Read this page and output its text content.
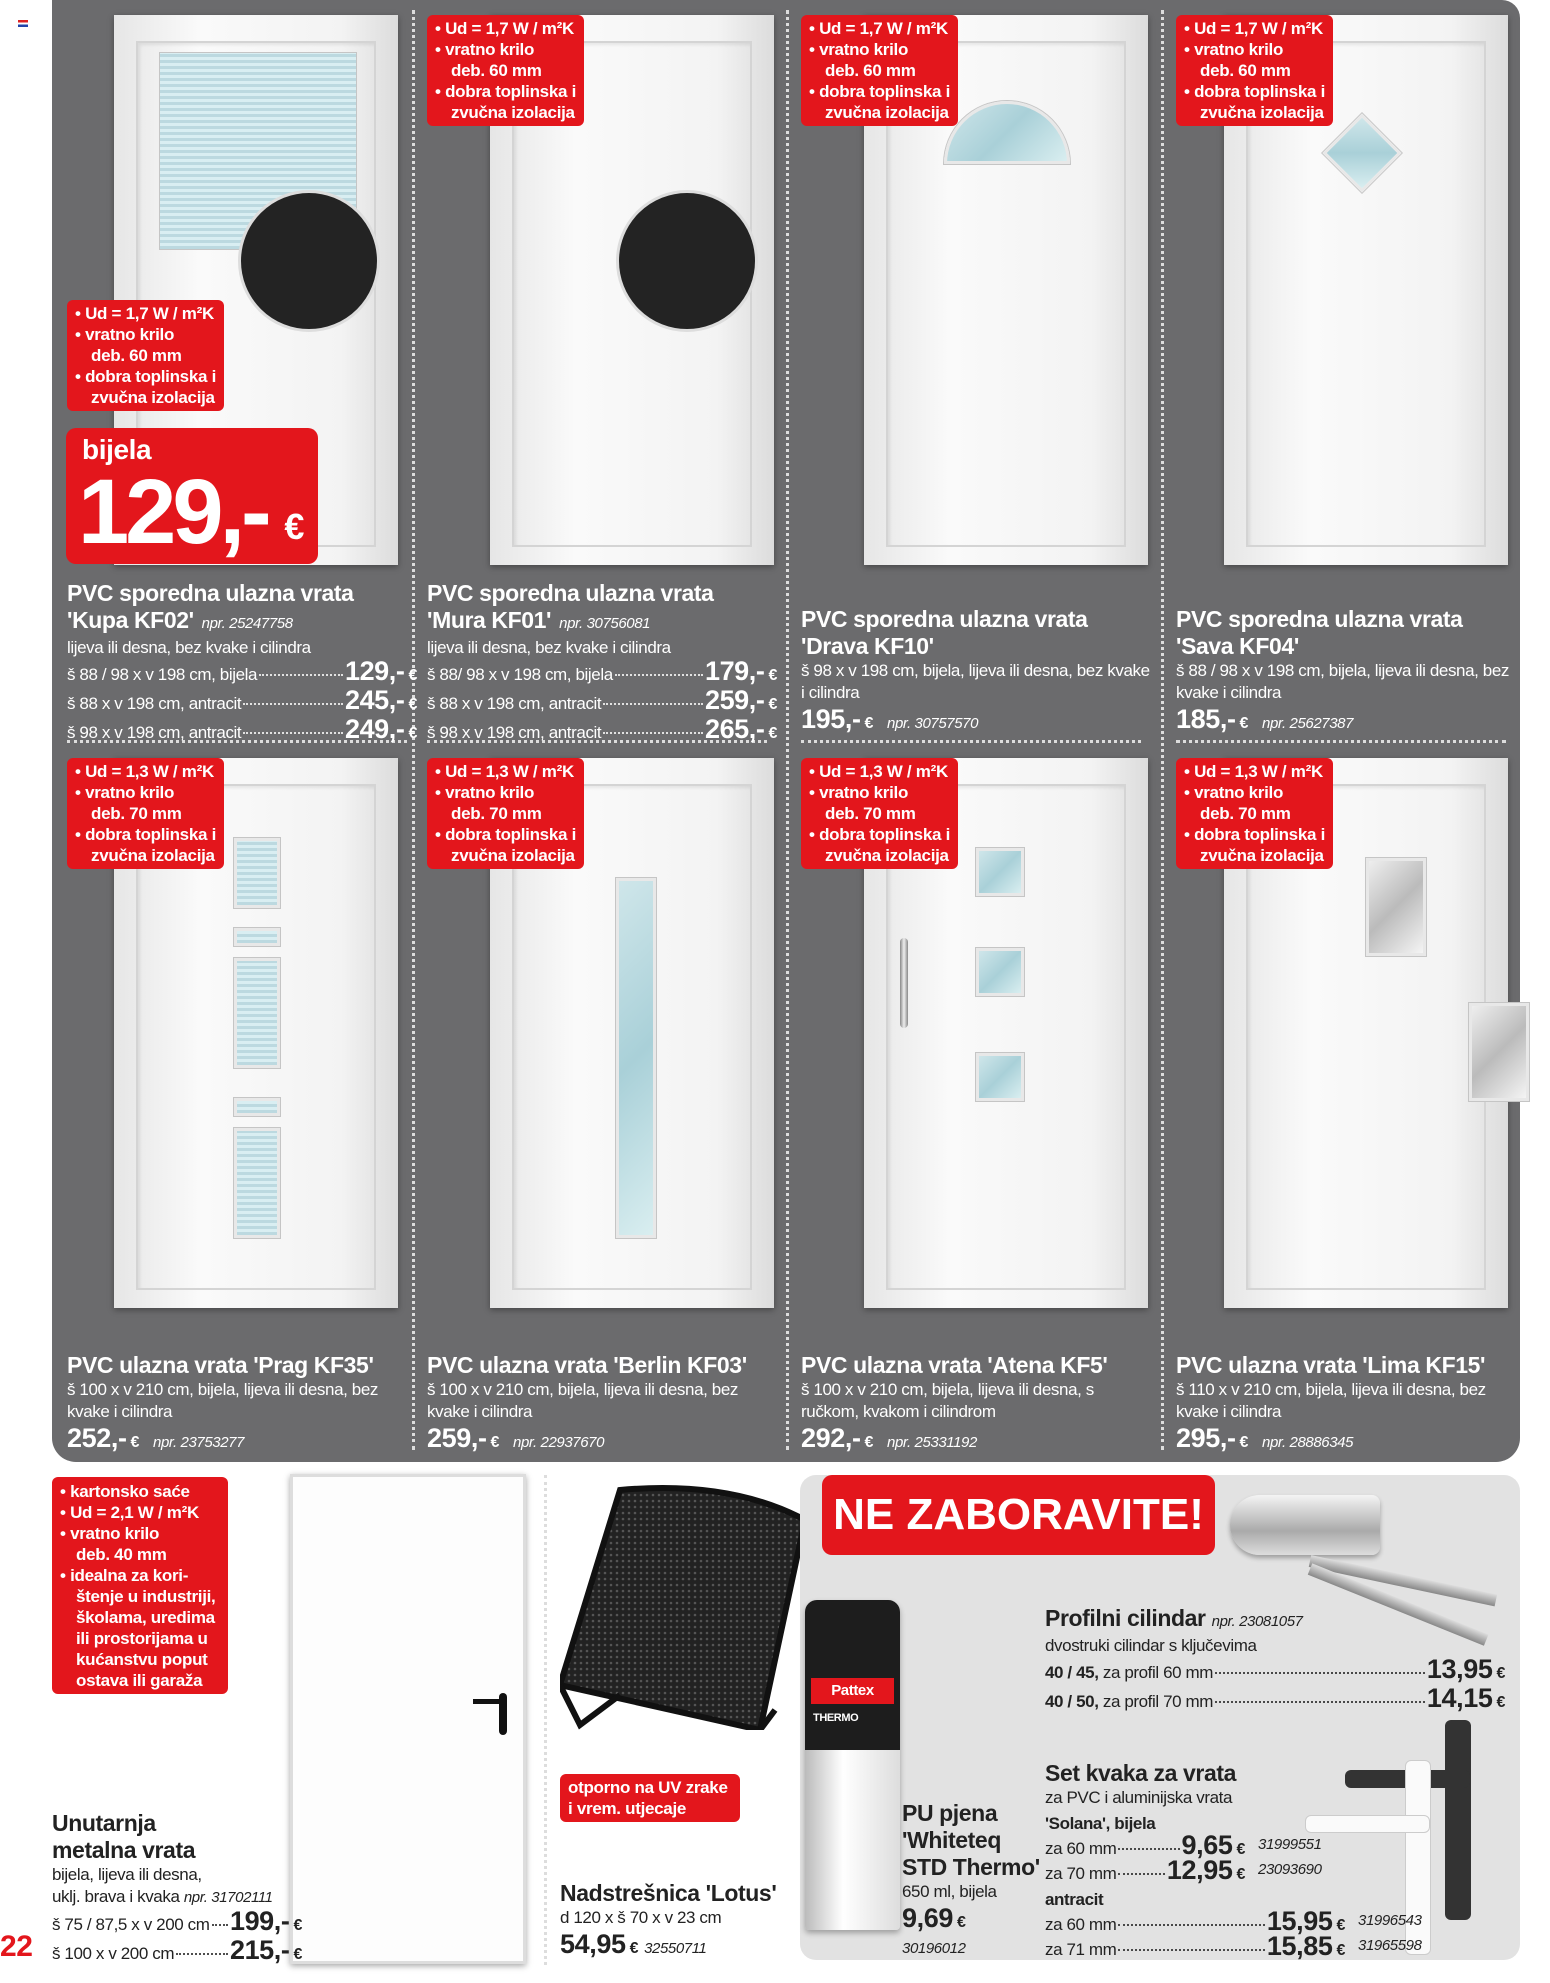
• Ud = 1,7 W / m²K
• vratno krilo
deb. 60 mm
• dobra toplinska i
zvučna izolacija
PVC sporedna ulazna vrata
'Kupa KF02' npr. 25247758
lijeva ili desna, bez kvake i cilindra
š 88 / 98 x v 198 cm, bijela	129,- €
š 88 x v 198 cm, antracit	245,- €
š 98 x v 198 cm, antracit	249,- €
• Ud = 1,7 W / m²K
• vratno krilo
deb. 60 mm
• dobra toplinska i
zvučna izolacija
PVC sporedna ulazna vrata
'Mura KF01' npr. 30756081
lijeva ili desna, bez kvake i cilindra
š 88/ 98 x v 198 cm, bijela	179,- €
š 88 x v 198 cm, antracit	259,- €
š 98 x v 198 cm, antracit	265,- €
• Ud = 1,7 W / m²K
• vratno krilo
deb. 60 mm
• dobra toplinska i
zvučna izolacija
PVC sporedna ulazna vrata
'Drava KF10'
š 98 x v 198 cm, bijela, lijeva ili desna, bez kvake i cilindra
195,- € npr. 30757570
• Ud = 1,7 W / m²K
• vratno krilo
deb. 60 mm
• dobra toplinska i
zvučna izolacija
PVC sporedna ulazna vrata
'Sava KF04'
š 88 / 98 x v 198 cm, bijela, lijeva ili desna, bez kvake i cilindra
185,- € npr. 25627387
• Ud = 1,3 W / m²K
• vratno krilo
deb. 70 mm
• dobra toplinska i
zvučna izolacija
PVC ulazna vrata 'Prag KF35'
š 100 x v 210 cm, bijela, lijeva ili desna, bez kvake i cilindra
252,- € npr. 23753277
• Ud = 1,3 W / m²K
• vratno krilo
deb. 70 mm
• dobra toplinska i
zvučna izolacija
PVC ulazna vrata 'Berlin KF03'
š 100 x v 210 cm, bijela, lijeva ili desna, bez kvake i cilindra
259,- € npr. 22937670
• Ud = 1,3 W / m²K
• vratno krilo
deb. 70 mm
• dobra toplinska i
zvučna izolacija
PVC ulazna vrata 'Atena KF5'
š 100 x v 210 cm, bijela, lijeva ili desna, s ručkom, kvakom i cilindrom
292,- € npr. 25331192
• Ud = 1,3 W / m²K
• vratno krilo
deb. 70 mm
• dobra toplinska i
zvučna izolacija
PVC ulazna vrata 'Lima KF15'
š 110 x v 210 cm, bijela, lijeva ili desna, bez kvake i cilindra
295,- € npr. 28886345
bijela
129,- €
• kartonsko saće
• Ud = 2,1 W / m²K
• vratno krilo
deb. 40 mm
• idealna za kori-
štenje u industriji,
školama, uredima
ili prostorijama u
kućanstvu poput
ostava ili garaža
otporno na UV zrake
i vrem. utjecaje
Nadstrešnica 'Lotus'
d 120 x š 70 x v 23 cm
54,95 € 32550711
Unutarnja
metalna vrata
bijela, lijeva ili desna,
uklj. brava i kvaka npr. 31702111
š 75 / 87,5 x v 200 cm 199,- €
š 100 x v 200 cm 215,- €
22
NE ZABORAVITE!
Pattex
THERMO
PU pjena
'Whiteteq
STD Thermo'
650 ml, bijela
9,69 €
30196012
Profilni cilindar npr. 23081057
dvostruki cilindar s ključevima
40 / 45, za profil 60 mm	13,95 €
40 / 50, za profil 70 mm	14,15 €
Set kvaka za vrata
za PVC i aluminijska vrata
'Solana', bijela
za 60 mm 9,65 € 31999551
za 70 mm 12,95 € 23093690
antracit
za 60 mm	15,95 € 31996543
za 71 mm	15,85 € 31965598
